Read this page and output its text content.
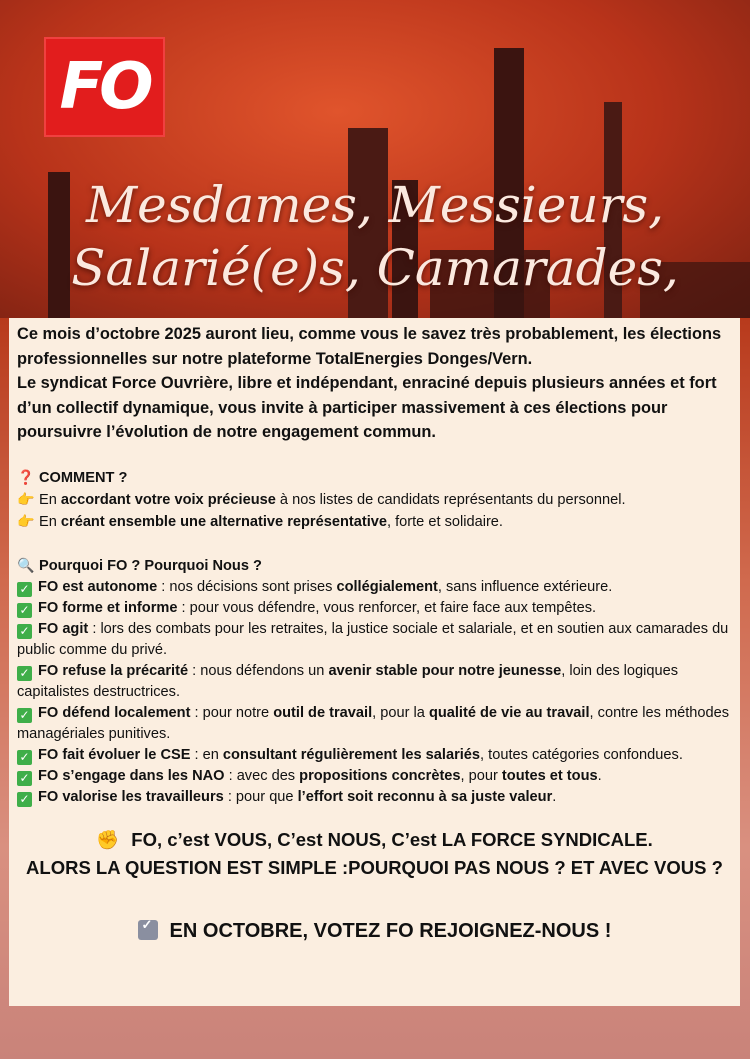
FO
Mesdames, Messieurs,
Salarié(e)s, Camarades,

Ce mois d’octobre 2025 auront lieu, comme vous le savez très probablement, les élections professionnelles sur notre plateforme TotalEnergies Donges/Vern.

Le syndicat Force Ouvrière, libre et indépendant, enraciné depuis plusieurs années et fort d’un collectif dynamique, vous invite à participer massivement à ces élections pour poursuivre l’évolution de notre engagement commun.

❓ COMMENT ?

👉 En accordant votre voix précieuse à nos listes de candidats représentants du personnel.

👉 En créant ensemble une alternative représentative, forte et solidaire.

🔍 Pourquoi FO ? Pourquoi Nous ?

✓ FO est autonome : nos décisions sont prises collégialement, sans influence extérieure.

✓ FO forme et informe : pour vous défendre, vous renforcer, et faire face aux tempêtes.

✓ FO agit : lors des combats pour les retraites, la justice sociale et salariale, et en soutien aux camarades du public comme du privé.

✓ FO refuse la précarité : nous défendons un avenir stable pour notre jeunesse, loin des logiques capitalistes destructrices.

✓ FO défend localement : pour notre outil de travail, pour la qualité de vie au travail, contre les méthodes managériales punitives.

✓ FO fait évoluer le CSE : en consultant régulièrement les salariés, toutes catégories confondues.

✓ FO s’engage dans les NAO : avec des propositions concrètes, pour toutes et tous.

✓ FO valorise les travailleurs : pour que l’effort soit reconnu à sa juste valeur.

✊ FO, c’est VOUS, C’est NOUS, C’est LA FORCE SYNDICALE.
ALORS LA QUESTION EST SIMPLE :POURQUOI PAS NOUS ? ET AVEC VOUS ?
✓EN OCTOBRE, VOTEZ FO REJOIGNEZ-NOUS !
